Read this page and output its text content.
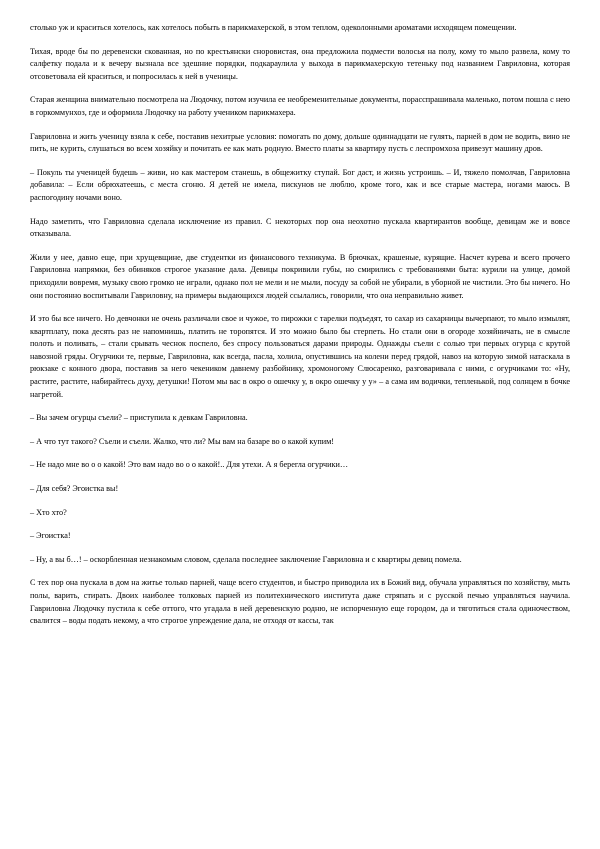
столько уж и краситься хотелось, как хотелось побыть в парикмахерской, в этом теплом, одеколонными ароматами исходящем помещении.

Тихая, вроде бы по деревенски скованная, но по крестьянски сноровистая, она предложила подмести волосья на полу, кому то мыло развела, кому то салфетку подала и к вечеру вызнала все здешние порядки, подкараулила у выхода в парикмахерскую тетеньку под названием Гавриловна, которая отсоветовала ей краситься, и попросилась к ней в ученицы.

Старая женщина внимательно посмотрела на Людочку, потом изучила ее необременительные документы, порасспрашивала маленько, потом пошла с нею в горкоммунхоз, где и оформила Людочку на работу учеником парикмахера.

Гавриловна и жить ученицу взяла к себе, поставив нехитрые условия: помогать по дому, дольше одиннадцати не гулять, парней в дом не водить, вино не пить, не курить, слушаться во всем хозяйку и почитать ее как мать родную. Вместо платы за квартиру пусть с леспромхоза привезут машину дров.

– Покуль ты ученицей будешь – живи, но как мастером станешь, в общежитку ступай. Бог даст, и жизнь устроишь. – И, тяжело помолчав, Гавриловна добавила: – Если обрюхатеешь, с места сгоню. Я детей не имела, пискунов не люблю, кроме того, как и все старые мастера, ногами маюсь. В распогодину ночами воно.

Надо заметить, что Гавриловна сделала исключение из правил. С некоторых пор она неохотно пускала квартирантов вообще, девицам же и вовсе отказывала.

Жили у нее, давно еще, при хрущевщине, две студентки из финансового техникума. В брючках, крашеные, курящие. Насчет курева и всего прочего Гавриловна напрямки, без обиняков строгое указание дала. Девицы покривили губы, но смирились с требованиями быта: курили на улице, домой приходили вовремя, музыку свою громко не играли, однако пол не мели и не мыли, посуду за собой не убирали, в уборной не чистили. Это бы ничего. Но они постоянно воспитывали Гавриловну, на примеры выдающихся людей ссылались, говорили, что она неправильно живет.

И это бы все ничего. Но девчонки не очень различали свое и чужое, то пирожки с тарелки подъедят, то сахар из сахарницы вычерпают, то мыло измылят, квартплату, пока десять раз не напомнишь, платить не торопятся. И это можно было бы стерпеть. Но стали они в огороде хозяйничать, не в смысле полоть и поливать, – стали срывать чеснок поспело, без спросу пользоваться дарами природы. Однажды съели с солью три первых огурца с крутой навозной гряды. Огурчики те, первые, Гавриловна, как всегда, пасла, холила, опустившись на колени перед грядой, навоз на которую зимой натаскала в рюкзаке с конного двора, поставив за него чекеником давнему разбойнику, хромоногому Слюсаренко, разговаривала с ними, с огурчиками то: «Ну, растите, растите, набирайтесь духу, детушки! Потом мы вас в окро о ошечку у, в окро ошечку у у» – а сама им водички, тепленькой, под солнцем в бочке нагретой.

– Вы зачем огурцы съели? – приступила к девкам Гавриловна.

– А что тут такого? Съели и съели. Жалко, что ли? Мы вам на базаре во о какой купим!

– Не надо мне во о о какой! Это вам надо во о о какой!.. Для утехи. А я берегла огурчики…

– Для себя? Эгоистка вы!

– Хто хто?

– Эгоистка!

– Ну, а вы б…! – оскорбленная незнакомым словом, сделала последнее заключение Гавриловна и с квартиры девиц помела.

С тех пор она пускала в дом на житье только парней, чаще всего студентов, и быстро приводила их в Божий вид, обучала управляться по хозяйству, мыть полы, варить, стирать. Двоих наиболее толковых парней из политехнического института даже стряпать и с русской печью управляться научила. Гавриловна Людочку пустила к себе оттого, что угадала в ней деревенскую родню, не испорченную еще городом, да и тяготиться стала одиночеством, свалится – воды подать некому, а что строгое упреждение дала, не отходя от кассы, так
